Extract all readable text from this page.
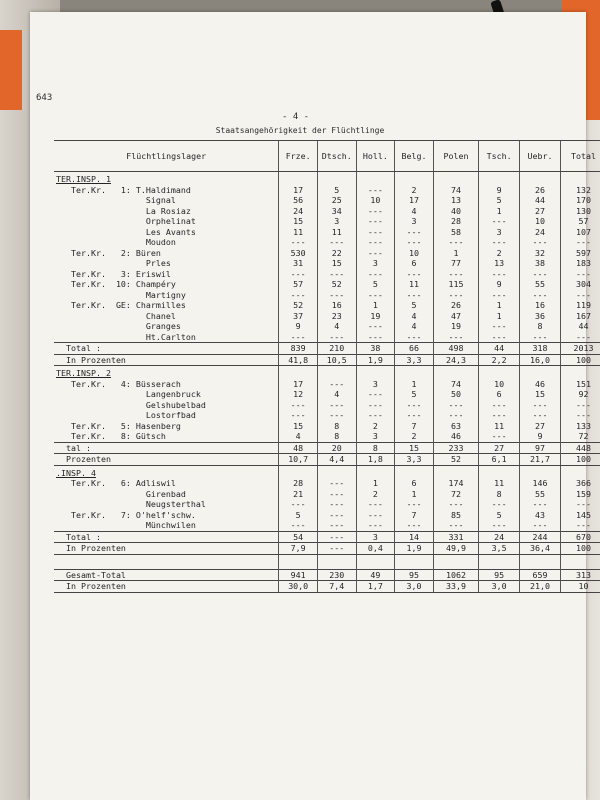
643
- 4 -
Staatsangehörigkeit der Flüchtlinge
Flüchtlingslager	Frze.	Dtsch.	Holl.	Belg.	Polen	Tsch.	Uebr.	Total
TER.INSP. 1								
Ter.Kr.   1: T.Haldimand	17	5	---	2	74	9	26	132
Signal	56	25	10	17	13	5	44	170
La Rosiaz	24	34	---	4	40	1	27	130
Orphelinat	15	3	---	3	28	---	10	57
Les Avants	11	11	---	---	58	3	24	107
Moudon	---	---	---	---	---	---	---	---
Ter.Kr.   2: Büren	530	22	---	10	1	2	32	597
Prles	31	15	3	6	77	13	38	183
Ter.Kr.   3: Eriswil	---	---	---	---	---	---	---	---
Ter.Kr.  10: Champéry	57	52	5	11	115	9	55	304
Martigny	---	---	---	---	---	---	---	---
Ter.Kr.  GE: Charmilles	52	16	1	5	26	1	16	119
Chanel	37	23	19	4	47	1	36	167
Granges	9	4	---	4	19	---	8	44
Ht.Carlton	---	---	---	---	---	---	---	---
Total :	839	210	38	66	498	44	318	2013
In Prozenten	41,8	10,5	1,9	3,3	24,3	2,2	16,0	100
TER.INSP. 2								
Ter.Kr.   4: Büsserach	17	---	3	1	74	10	46	151
Langenbruck	12	4	---	5	50	6	15	92
Gelshubelbad	---	---	---	---	---	---	---	---
Lostorfbad	---	---	---	---	---	---	---	---
Ter.Kr.   5: Hasenberg	15	8	2	7	63	11	27	133
Ter.Kr.   8: Gütsch	4	8	3	2	46	---	9	72
tal :	48	20	8	15	233	27	97	448
Prozenten	10,7	4,4	1,8	3,3	52	6,1	21,7	100
.INSP. 4								
Ter.Kr.   6: Adliswil	28	---	1	6	174	11	146	366
Girenbad	21	---	2	1	72	8	55	159
Neugsterthal	---	---	---	---	---	---	---	---
Ter.Kr.   7: O'helf'schw.	5	---	---	7	85	5	43	145
Münchwilen	---	---	---	---	---	---	---	---
Total :	54	---	3	14	331	24	244	670
In Prozenten	7,9	---	0,4	1,9	49,9	3,5	36,4	100

Gesamt-Total	941	230	49	95	1062	95	659	313
In Prozenten	30,0	7,4	1,7	3,0	33,9	3,0	21,0	10
